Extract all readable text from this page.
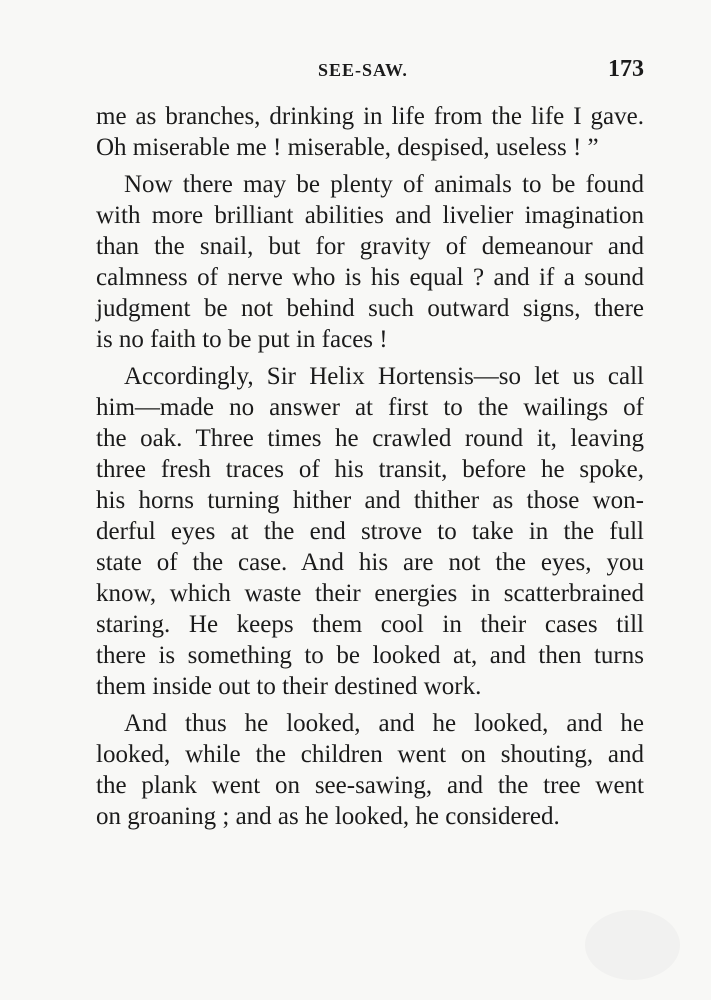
SEE-SAW.	173
me as branches, drinking in life from the life I gave.
Oh miserable me ! miserable, despised, useless ! ”
Now there may be plenty of animals to be found
with more brilliant abilities and livelier imagination
than the snail, but for gravity of demeanour and
calmness of nerve who is his equal ? and if a sound
judgment be not behind such outward signs, there
is no faith to be put in faces !
Accordingly, Sir Helix Hortensis—so let us call
him—made no answer at first to the wailings of
the oak. Three times he crawled round it, leaving
three fresh traces of his transit, before he spoke,
his horns turning hither and thither as those won-
derful eyes at the end strove to take in the full
state of the case. And his are not the eyes, you
know, which waste their energies in scatterbrained
staring. He keeps them cool in their cases till
there is something to be looked at, and then turns
them inside out to their destined work.
And thus he looked, and he looked, and he
looked, while the children went on shouting, and
the plank went on see-sawing, and the tree went
on groaning ; and as he looked, he considered.
